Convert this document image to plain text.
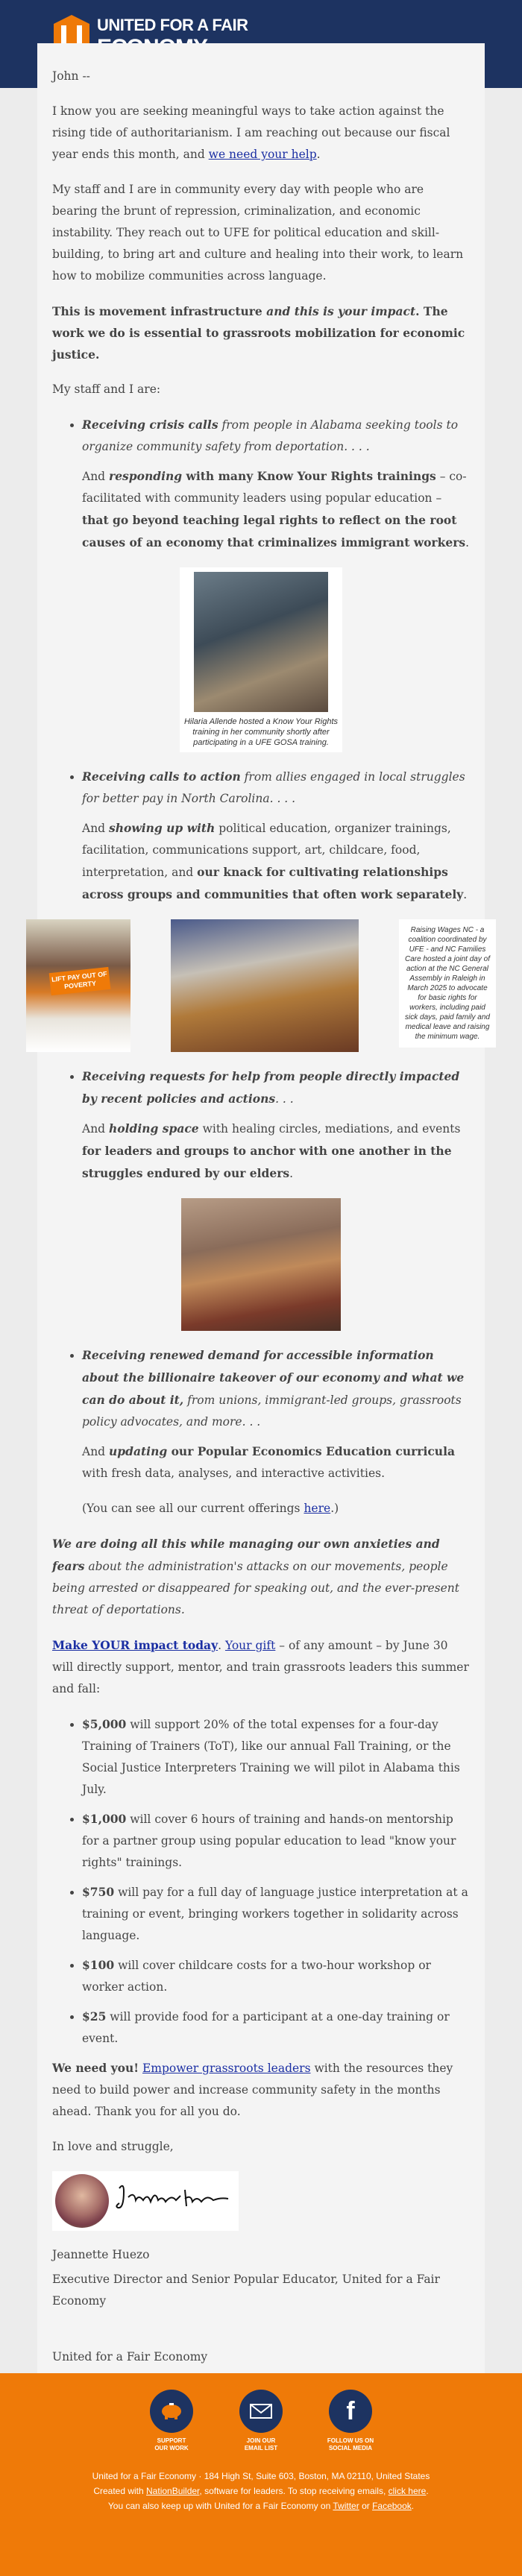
UNITED FOR A FAIR

John --

I know you are seeking meaningful ways to take action against the rising tide of authoritarianism. I am reaching out because our fiscal year ends this month, and we need your help.

My staff and I are in community every day with people who are bearing the brunt of repression, criminalization, and economic instability. They reach out to UFE for political education and skill-building, to bring art and culture and healing into their work, to learn how to mobilize communities across language.

This is movement infrastructure and this is your impact. The work we do is essential to grassroots mobilization for economic justice.

My staff and I are:

• Receiving crisis calls from people in Alabama seeking tools to organize community safety from deportation. . . .

And responding with many Know Your Rights trainings – co-facilitated with community leaders using popular education – that go beyond teaching legal rights to reflect on the root causes of an economy that criminalizes immigrant workers.

Hilaria Allende hosted a Know Your Rights training in her community shortly after participating in a UFE GOSA training.
• Receiving calls to action from allies engaged in local struggles for better pay in North Carolina. . . .

And showing up with political education, organizer trainings, facilitation, communications support, art, childcare, food, interpretation, and our knack for cultivating relationships across groups and communities that often work separately.

LIFT PAY OUT OF POVERTY
Raising Wages NC - a coalition coordinated by UFE - and NC Families Care hosted a joint day of action at the NC General Assembly in Raleigh in March 2025 to advocate for basic rights for workers, including paid sick days, paid family and medical leave and raising the minimum wage.
• Receiving requests for help from people directly impacted by recent policies and actions. . .

And holding space with healing circles, mediations, and events for leaders and groups to anchor with one another in the struggles endured by our elders.

• Receiving renewed demand for accessible information about the billionaire takeover of our economy and what we can do about it, from unions, immigrant-led groups, grassroots policy advocates, and more. . .

And updating our Popular Economics Education curricula with fresh data, analyses, and interactive activities.

(You can see all our current offerings here.)

We are doing all this while managing our own anxieties and fears about the administration's attacks on our movements, people being arrested or disappeared for speaking out, and the ever-present threat of deportations.

Make YOUR impact today. Your gift – of any amount – by June 30 will directly support, mentor, and train grassroots leaders this summer and fall:

• $5,000 will support 20% of the total expenses for a four-day Training of Trainers (ToT), like our annual Fall Training, or the Social Justice Interpreters Training we will pilot in Alabama this July.
• $1,000 will cover 6 hours of training and hands-on mentorship for a partner group using popular education to lead "know your rights" trainings.
• $750 will pay for a full day of language justice interpretation at a training or event, bringing workers together in solidarity across language.
• $100 will cover childcare costs for a two-hour workshop or worker action.
• $25 will provide food for a participant at a one-day training or event.

We need you! Empower grassroots leaders with the resources they need to build power and increase community safety in the months ahead. Thank you for all you do.

In love and struggle,

Jeannette Huezo

Executive Director and Senior Popular Educator, United for a Fair Economy

United for a Fair Economy

SUPPORT
OUR WORK
JOIN OUR
EMAIL LIST
f
FOLLOW US ON
SOCIAL MEDIA
United for a Fair Economy · 184 High St, Suite 603, Boston, MA 02110, United States
Created with NationBuilder, software for leaders. To stop receiving emails, click here.
You can also keep up with United for a Fair Economy on Twitter or Facebook.
